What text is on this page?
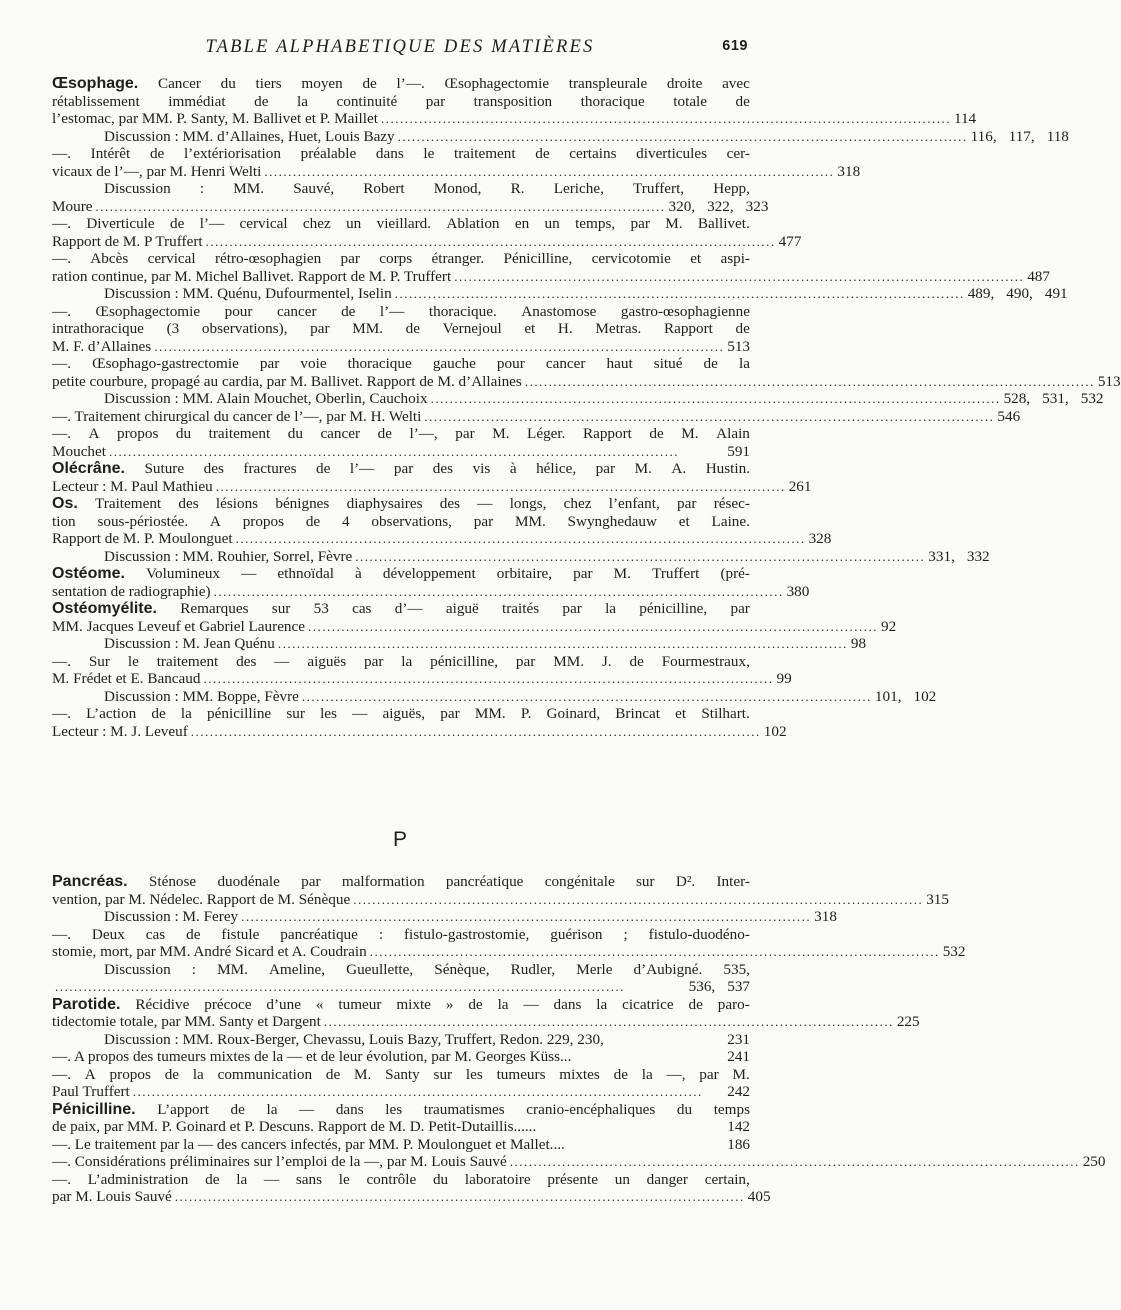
TABLE ALPHABETIQUE DES MATIÈRES	619
Œsophage. Cancer du tiers moyen de l’—. Œsophagectomie transpleurale droite avec
rétablissement immédiat de la continuité par transposition thoracique totale de
l’estomac, par MM. P. Santy, M. Ballivet et P. Maillet ........................................................................................................................ 114
Discussion : MM. d’Allaines, Huet, Louis Bazy ........................................................................................................................ 116, 117, 118
—. Intérêt de l’extériorisation préalable dans le traitement de certains diverticules cer-
vicaux de l’—, par M. Henri Welti ........................................................................................................................ 318
Discussion : MM. Sauvé, Robert Monod, R. Leriche, Truffert, Hepp,
Moure ........................................................................................................................ 320, 322, 323
—. Diverticule de l’— cervical chez un vieillard. Ablation en un temps, par M. Ballivet.
Rapport de M. P Truffert ........................................................................................................................ 477
—. Abcès cervical rétro-œsophagien par corps étranger. Pénicilline, cervicotomie et aspi-
ration continue, par M. Michel Ballivet. Rapport de M. P. Truffert ........................................................................................................................ 487
Discussion : MM. Quénu, Dufourmentel, Iselin ........................................................................................................................ 489, 490, 491
—. Œsophagectomie pour cancer de l’— thoracique. Anastomose gastro-œsophagienne
intrathoracique (3 observations), par MM. de Vernejoul et H. Metras. Rapport de
M. F. d’Allaines ........................................................................................................................ 513
—. Œsophago-gastrectomie par voie thoracique gauche pour cancer haut situé de la
petite courbure, propagé au cardia, par M. Ballivet. Rapport de M. d’Allaines ........................................................................................................................ 513
Discussion : MM. Alain Mouchet, Oberlin, Cauchoix ........................................................................................................................ 528, 531, 532
—. Traitement chirurgical du cancer de l’—, par M. H. Welti ........................................................................................................................ 546
—. A propos du traitement du cancer de l’—, par M. Léger. Rapport de M. Alain
Mouchet ........................................................................................................................	591
Olécrâne. Suture des fractures de l’— par des vis à hélice, par M. A. Hustin.
Lecteur : M. Paul Mathieu ........................................................................................................................ 261
Os. Traitement des lésions bénignes diaphysaires des — longs, chez l’enfant, par résec-
tion sous-périostée. A propos de 4 observations, par MM. Swynghedauw et Laine.
Rapport de M. P. Moulonguet ........................................................................................................................ 328
Discussion : MM. Rouhier, Sorrel, Fèvre ........................................................................................................................ 331, 332
Ostéome. Volumineux — ethnoïdal à développement orbitaire, par M. Truffert (pré-
sentation de radiographie) ........................................................................................................................ 380
Ostéomyélite. Remarques sur 53 cas d’— aiguë traités par la pénicilline, par
MM. Jacques Leveuf et Gabriel Laurence ........................................................................................................................ 92
Discussion : M. Jean Quénu ........................................................................................................................ 98
—. Sur le traitement des — aiguës par la pénicilline, par MM. J. de Fourmestraux,
M. Frédet et E. Bancaud ........................................................................................................................ 99
Discussion : MM. Boppe, Fèvre ........................................................................................................................ 101, 102
—. L’action de la pénicilline sur les — aiguës, par MM. P. Goinard, Brincat et Stilhart.
Lecteur : M. J. Leveuf ........................................................................................................................ 102
P
Pancréas. Sténose duodénale par malformation pancréatique congénitale sur D². Inter-
vention, par M. Nédelec. Rapport de M. Sénèque ........................................................................................................................ 315
Discussion : M. Ferey ........................................................................................................................ 318
—. Deux cas de fistule pancréatique : fistulo-gastrostomie, guérison ; fistulo-duodéno-
stomie, mort, par MM. André Sicard et A. Coudrain ........................................................................................................................ 532
Discussion : MM. Ameline, Gueullette, Sénèque, Rudler, Merle d’Aubigné. 535,
........................................................................................................................	536, 537
Parotide. Récidive précoce d’une « tumeur mixte » de la — dans la cicatrice de paro-
tidectomie totale, par MM. Santy et Dargent ........................................................................................................................ 225
Discussion : MM. Roux-Berger, Chevassu, Louis Bazy, Truffert, Redon. 229, 230,	231
—. A propos des tumeurs mixtes de la — et de leur évolution, par M. Georges Küss...	241
—. A propos de la communication de M. Santy sur les tumeurs mixtes de la —, par M.
Paul Truffert ........................................................................................................................	242
Pénicilline. L’apport de la — dans les traumatismes cranio-encéphaliques du temps
de paix, par MM. P. Goinard et P. Descuns. Rapport de M. D. Petit-Dutaillis......	142
—. Le traitement par la — des cancers infectés, par MM. P. Moulonguet et Mallet....	186
—. Considérations préliminaires sur l’emploi de la —, par M. Louis Sauvé ........................................................................................................................ 250
—. L’administration de la — sans le contrôle du laboratoire présente un danger certain,
par M. Louis Sauvé ........................................................................................................................ 405
